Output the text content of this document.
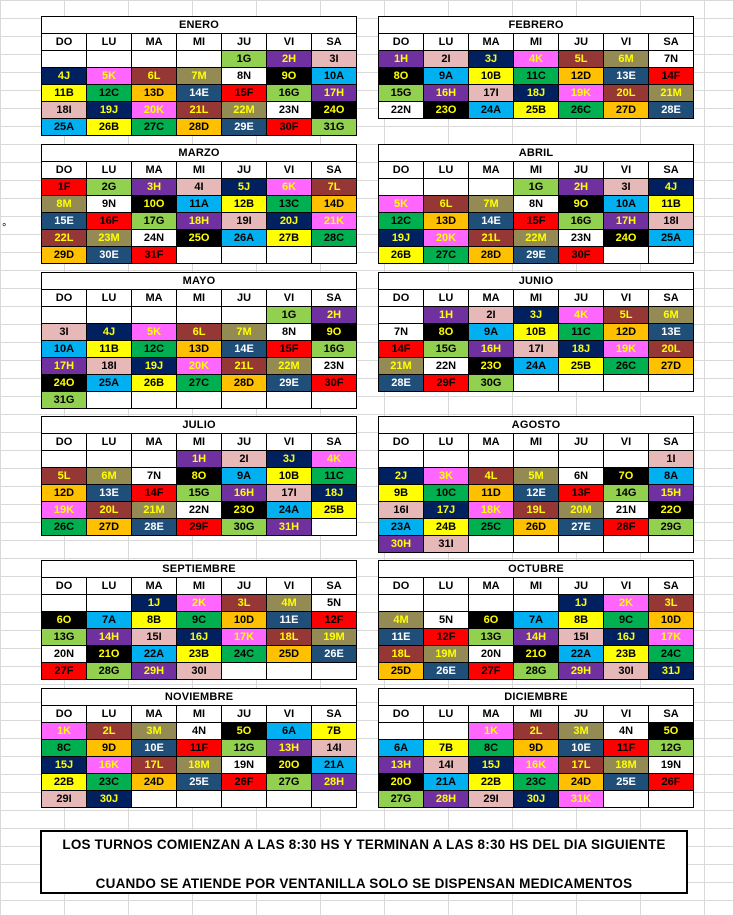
ENERO						
DO	LU	MA	MI	JU	VI	SA
				1G	2H	3I
4J	5K	6L	7M	8N	9O	10A
11B	12C	13D	14E	15F	16G	17H
18I	19J	20K	21L	22M	23N	24O
25A	26B	27C	28D	29E	30F	31G
FEBRERO						
DO	LU	MA	MI	JU	VI	SA
1H	2I	3J	4K	5L	6M	7N
8O	9A	10B	11C	12D	13E	14F
15G	16H	17I	18J	19K	20L	21M
22N	23O	24A	25B	26C	27D	28E
MARZO						
DO	LU	MA	MI	JU	VI	SA
1F	2G	3H	4I	5J	6K	7L
8M	9N	10O	11A	12B	13C	14D
15E	16F	17G	18H	19I	20J	21K
22L	23M	24N	25O	26A	27B	28C
29D	30E	31F				
ABRIL						
DO	LU	MA	MI	JU	VI	SA
			1G	2H	3I	4J
5K	6L	7M	8N	9O	10A	11B
12C	13D	14E	15F	16G	17H	18I
19J	20K	21L	22M	23N	24O	25A
26B	27C	28D	29E	30F		
MAYO						
DO	LU	MA	MI	JU	VI	SA
					1G	2H
3I	4J	5K	6L	7M	8N	9O
10A	11B	12C	13D	14E	15F	16G
17H	18I	19J	20K	21L	22M	23N
24O	25A	26B	27C	28D	29E	30F
31G						
JUNIO						
DO	LU	MA	MI	JU	VI	SA
	1H	2I	3J	4K	5L	6M
7N	8O	9A	10B	11C	12D	13E
14F	15G	16H	17I	18J	19K	20L
21M	22N	23O	24A	25B	26C	27D
28E	29F	30G				
JULIO						
DO	LU	MA	MI	JU	VI	SA
			1H	2I	3J	4K
5L	6M	7N	8O	9A	10B	11C
12D	13E	14F	15G	16H	17I	18J
19K	20L	21M	22N	23O	24A	25B
26C	27D	28E	29F	30G	31H	
AGOSTO						
DO	LU	MA	MI	JU	VI	SA
						1I
2J	3K	4L	5M	6N	7O	8A
9B	10C	11D	12E	13F	14G	15H
16I	17J	18K	19L	20M	21N	22O
23A	24B	25C	26D	27E	28F	29G
30H	31I					
SEPTIEMBRE						
DO	LU	MA	MI	JU	VI	SA
		1J	2K	3L	4M	5N
6O	7A	8B	9C	10D	11E	12F
13G	14H	15I	16J	17K	18L	19M
20N	21O	22A	23B	24C	25D	26E
27F	28G	29H	30I			
OCTUBRE						
DO	LU	MA	MI	JU	VI	SA
				1J	2K	3L
4M	5N	6O	7A	8B	9C	10D
11E	12F	13G	14H	15I	16J	17K
18L	19M	20N	21O	22A	23B	24C
25D	26E	27F	28G	29H	30I	31J
NOVIEMBRE						
DO	LU	MA	MI	JU	VI	SA
1K	2L	3M	4N	5O	6A	7B
8C	9D	10E	11F	12G	13H	14I
15J	16K	17L	18M	19N	20O	21A
22B	23C	24D	25E	26F	27G	28H
29I	30J					
DICIEMBRE						
DO	LU	MA	MI	JU	VI	SA
		1K	2L	3M	4N	5O
6A	7B	8C	9D	10E	11F	12G
13H	14I	15J	16K	17L	18M	19N
20O	21A	22B	23C	24D	25E	26F
27G	28H	29I	30J	31K		
°
LOS TURNOS COMIENZAN A LAS 8:30 HS Y TERMINAN A LAS 8:30 HS DEL DIA SIGUIENTE
CUANDO SE ATIENDE POR VENTANILLA SOLO SE DISPENSAN MEDICAMENTOS
